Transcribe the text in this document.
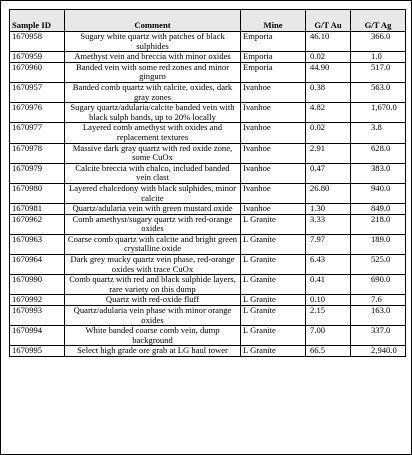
Sample ID	Comment	Mine	G/T Au	G/T Ag
1670958	Sugary white quartz with patches of black sulphides	Emporia	46.10	366.0
1670959	Amethyst vein and breccia with minor oxides	Emporia	0.02	1.0
1670960	Banded vein with some red zones and minor ginguro	Emporia	44.90	517.0
1670957	Banded comb quartz with calcite, oxides, dark gray zones	Ivanhoe	0.38	563.0
1670976	Sugary quartz/adularia/calcite banded vein with black sulph bands, up to 20% locally	Ivanhoe	4.82	1,670.0
1670977	Layered comb amethyst with oxides and replacement textures	Ivanhoe	0.02	3.8
1670978	Massive dark gray quartz with red oxide zone, some CuOx	Ivanhoe	2.91	628.0
1670979	Calcite breccia with chalco, included banded vein clast	Ivanhoe	0.47	383.0
1670980	Layered chalcedony with black sulphides, minor calcite	Ivanhoe	26.80	940.0
1670981	Quartz/adularia vein with green mustard oxide	Ivanhoe	1.30	849.0
1670962	Comb amethyst/sugary quartz with red-orange oxides	L Granite	3.33	218.0
1670963	Coarse comb quartz with calcite and bright green crystalline oxide	L Granite	7.97	189.0
1670964	Dark grey mucky quartz vein phase, red-orange oxides with trace CuOx	L Granite	6.43	525.0
1670990	Comb quartz with red and black sulphide layers, rare variety on this dump	L Granite	0.41	690.0
1670992	Quartz with red-oxide fluff	L Granite	0.10	7.6
1670993	Quartz/adularia vein phase with minor orange oxides	L Granite	2.15	163.0
1670994	White banded coarse comb vein, dump background	L Granite	7.00	337.0
1670995	Select high grade ore grab at LG haul tower	L Granite	66.5	2,940.0
